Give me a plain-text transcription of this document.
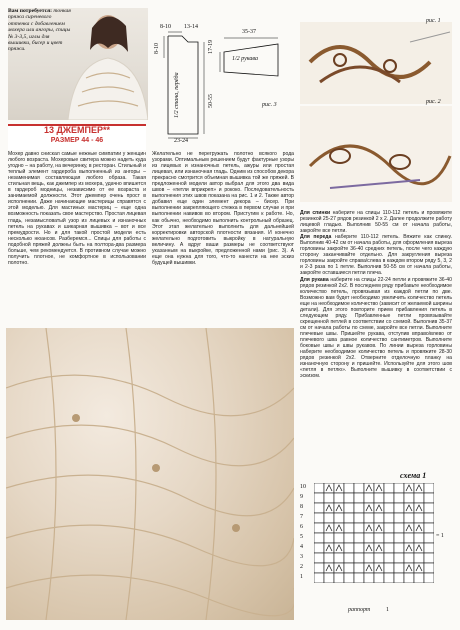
Вам потребуется: тонкая пряжа сиреневого оттенка с добавлением мохера или ангоры, спицы № 3-3,5, иглы для вышивки, бисер и цвет пряжи.
13 ДЖЕМПЕР**
РАЗМЕР 44 - 46
8-10 13-14
35-37
17-19
8-10
1/2 стана, перёда
1/2 рукава
50-55
23-24
рис. 3
рис. 1
рис. 2

Мохер давно снискал самые нежные симпатии у женщин любого возраста. Мохеровые свитера можно надеть куда угодно – на работу, на вечеринку, в ресторан. Стильный и теплый элемент гардероба выполненный из ангоры – незаменимая составляющая любого образа. Такая стильная вещь, как джемпер из мохера, удачно впишется в гардероб модницы, независимо от ее возраста и занимаемой должности. Этот джемпер очень прост в исполнении. Даже начинающие мастерицы справятся с этой моделью. Для мастиных мастериц – еще одна возможность показать свое мастерство. Простая лицевая гладь, незамысловатый узор из лицевых и изнаночных петель на рукавах и шикарная вышивка – вот и все премудрости. Но и для такой простой модели есть несколько нюансов. Разберемся... Спицы для работы с подобной пряжей должны быть на полтора-два размера больше, чем рекомендуется. В противном случае можно получить плотное, не комфортное в использовании полотно.

Желательно не перегружать полотно всякого рода узорами. Оптимальным решением будут фактурные узоры из лицевых и изнаночных петель, ажуры или простая лицевая, или изнаночная гладь. Одним из способов декора прекрасно смотрится объемная вышивка той же пряжей. В предложенной модели автор выбрал для этого два вида швов – «петли вприкреп» и рококо. Последовательность выполнения этих швов показана на рис. 1 и 2. Также автор добавил еще один элемент декора – бисер. При выполнении закрепляющего стежка в первом случае и при выполнении навивов во втором. Пристугим к работе. Но, как обычно, необходимо выполнить контрольный образец. Этот этап желательно выполнить для дальнейшей корректировки авторской плотности вязания. И конечно желательно подготовить выкройку в натуральную величину. А вдруг ваши размеры не соответствуют указанным на выкройке, предложенной нами (рис. 3). А еще она нужна для того, что-то нанести на нее эскиз будущей вышивки.

Для спинки наберите на спицы 110-112 петель и провяжите резинкой 25-27 рядов резинкой 2 х 2. Далее продолжите работу лицевой гладью. Выполнив 50-55 см от начала работы, закройте все петли.

Для переда наберите 110-112 петель. Вяжите как спинку. Выполнив 40-42 см от начала работы, для оформления выреза горловины закройте 36-40 средних петель, после чего каждую сторону заканчивайте отдельно. Для закругления выреза горловины закройте справа/слева в каждом втором ряду 5, 3, 2 и 2-3 раза по 1 петле. Выполнив 50-55 см от начала работы, закройте оставшиеся петли плеча.

Для рукава наберите на спицы 22-24 петли и провяжите 36-40 рядов резинкой 2х2. В последнем ряду прибавьте необходимое количество петель, провязывая из каждой петли по две. Возможно вам будет необходимо увеличить количество петель еще на необходимое количество (зависит от желаемой ширины детали). Для этого повторите прием прибавления петель в следующем ряду. Прибавленные петли провязывайте скрещенной петлей в соответствии со схемой. Выполнив 35-37 см от начала работы по схеме, закройте все петли. Выполните плечевые швы. Пришейте рукава, отступив вправо/влево от плечевого шва равное количество сантиметров. Выполните боковые швы и швы рукавов. По линии выреза горловины наберите необходимое количество петель и провяжите 28-30 рядов резинкой 2х2. Отверните отделочную планку на изнаночную сторону и пришейте. Используйте для этого шов «петля в петлю». Выполните вышивку в соответствии с эскизом.

схема 1
10
9
8
7
6
5
4
3
2
1
= 1
раппорт	1
